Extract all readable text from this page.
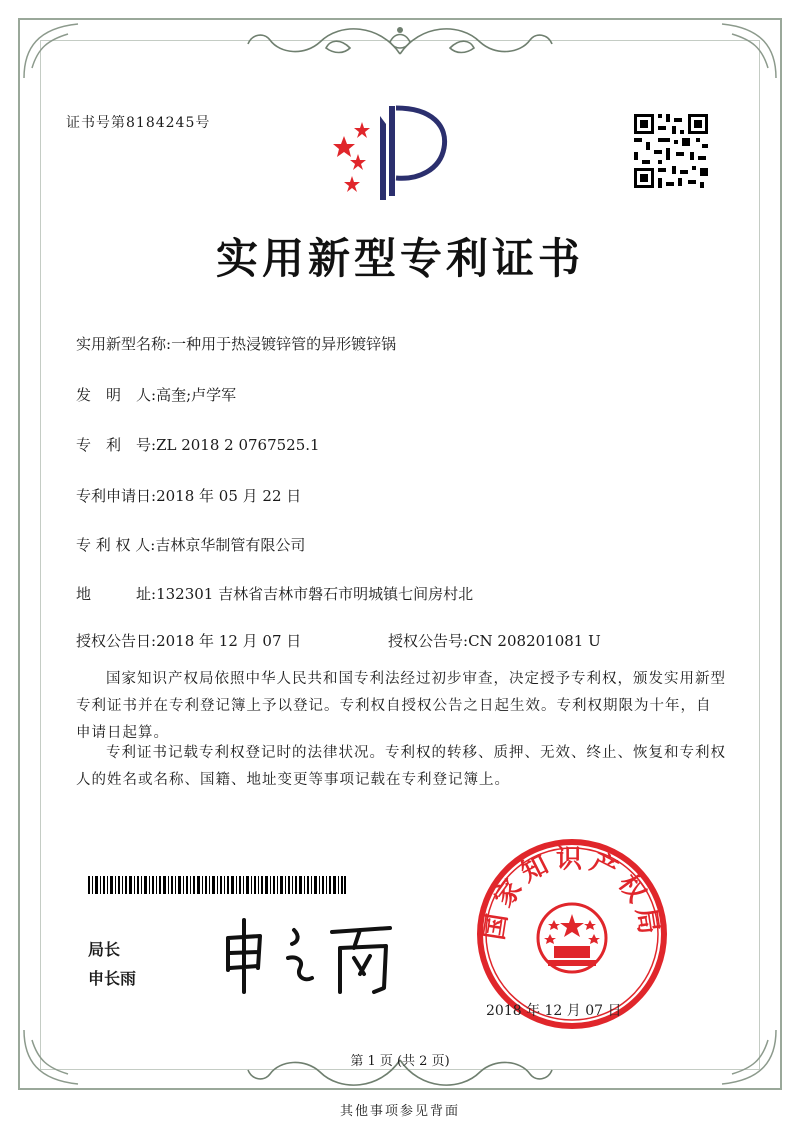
证书号第8184245号
实用新型专利证书
实用新型名称:一种用于热浸镀锌管的异形镀锌锅
发　明　人:高奎;卢学军
专　利　号:ZL 2018 2 0767525.1
专利申请日:2018 年 05 月 22 日
专 利 权 人:吉林京华制管有限公司
地　　　址:132301 吉林省吉林市磐石市明城镇七间房村北
授权公告日:2018 年 12 月 07 日	授权公告号:CN 208201081 U
国家知识产权局依照中华人民共和国专利法经过初步审查，决定授予专利权，颁发实用新型专利证书并在专利登记簿上予以登记。专利权自授权公告之日起生效。专利权期限为十年，自申请日起算。
专利证书记载专利权登记时的法律状况。专利权的转移、质押、无效、终止、恢复和专利权人的姓名或名称、国籍、地址变更等事项记载在专利登记簿上。
局长
申长雨
国家知识产权局
2018 年 12 月 07 日
第 1 页 (共 2 页)
其他事项参见背面
